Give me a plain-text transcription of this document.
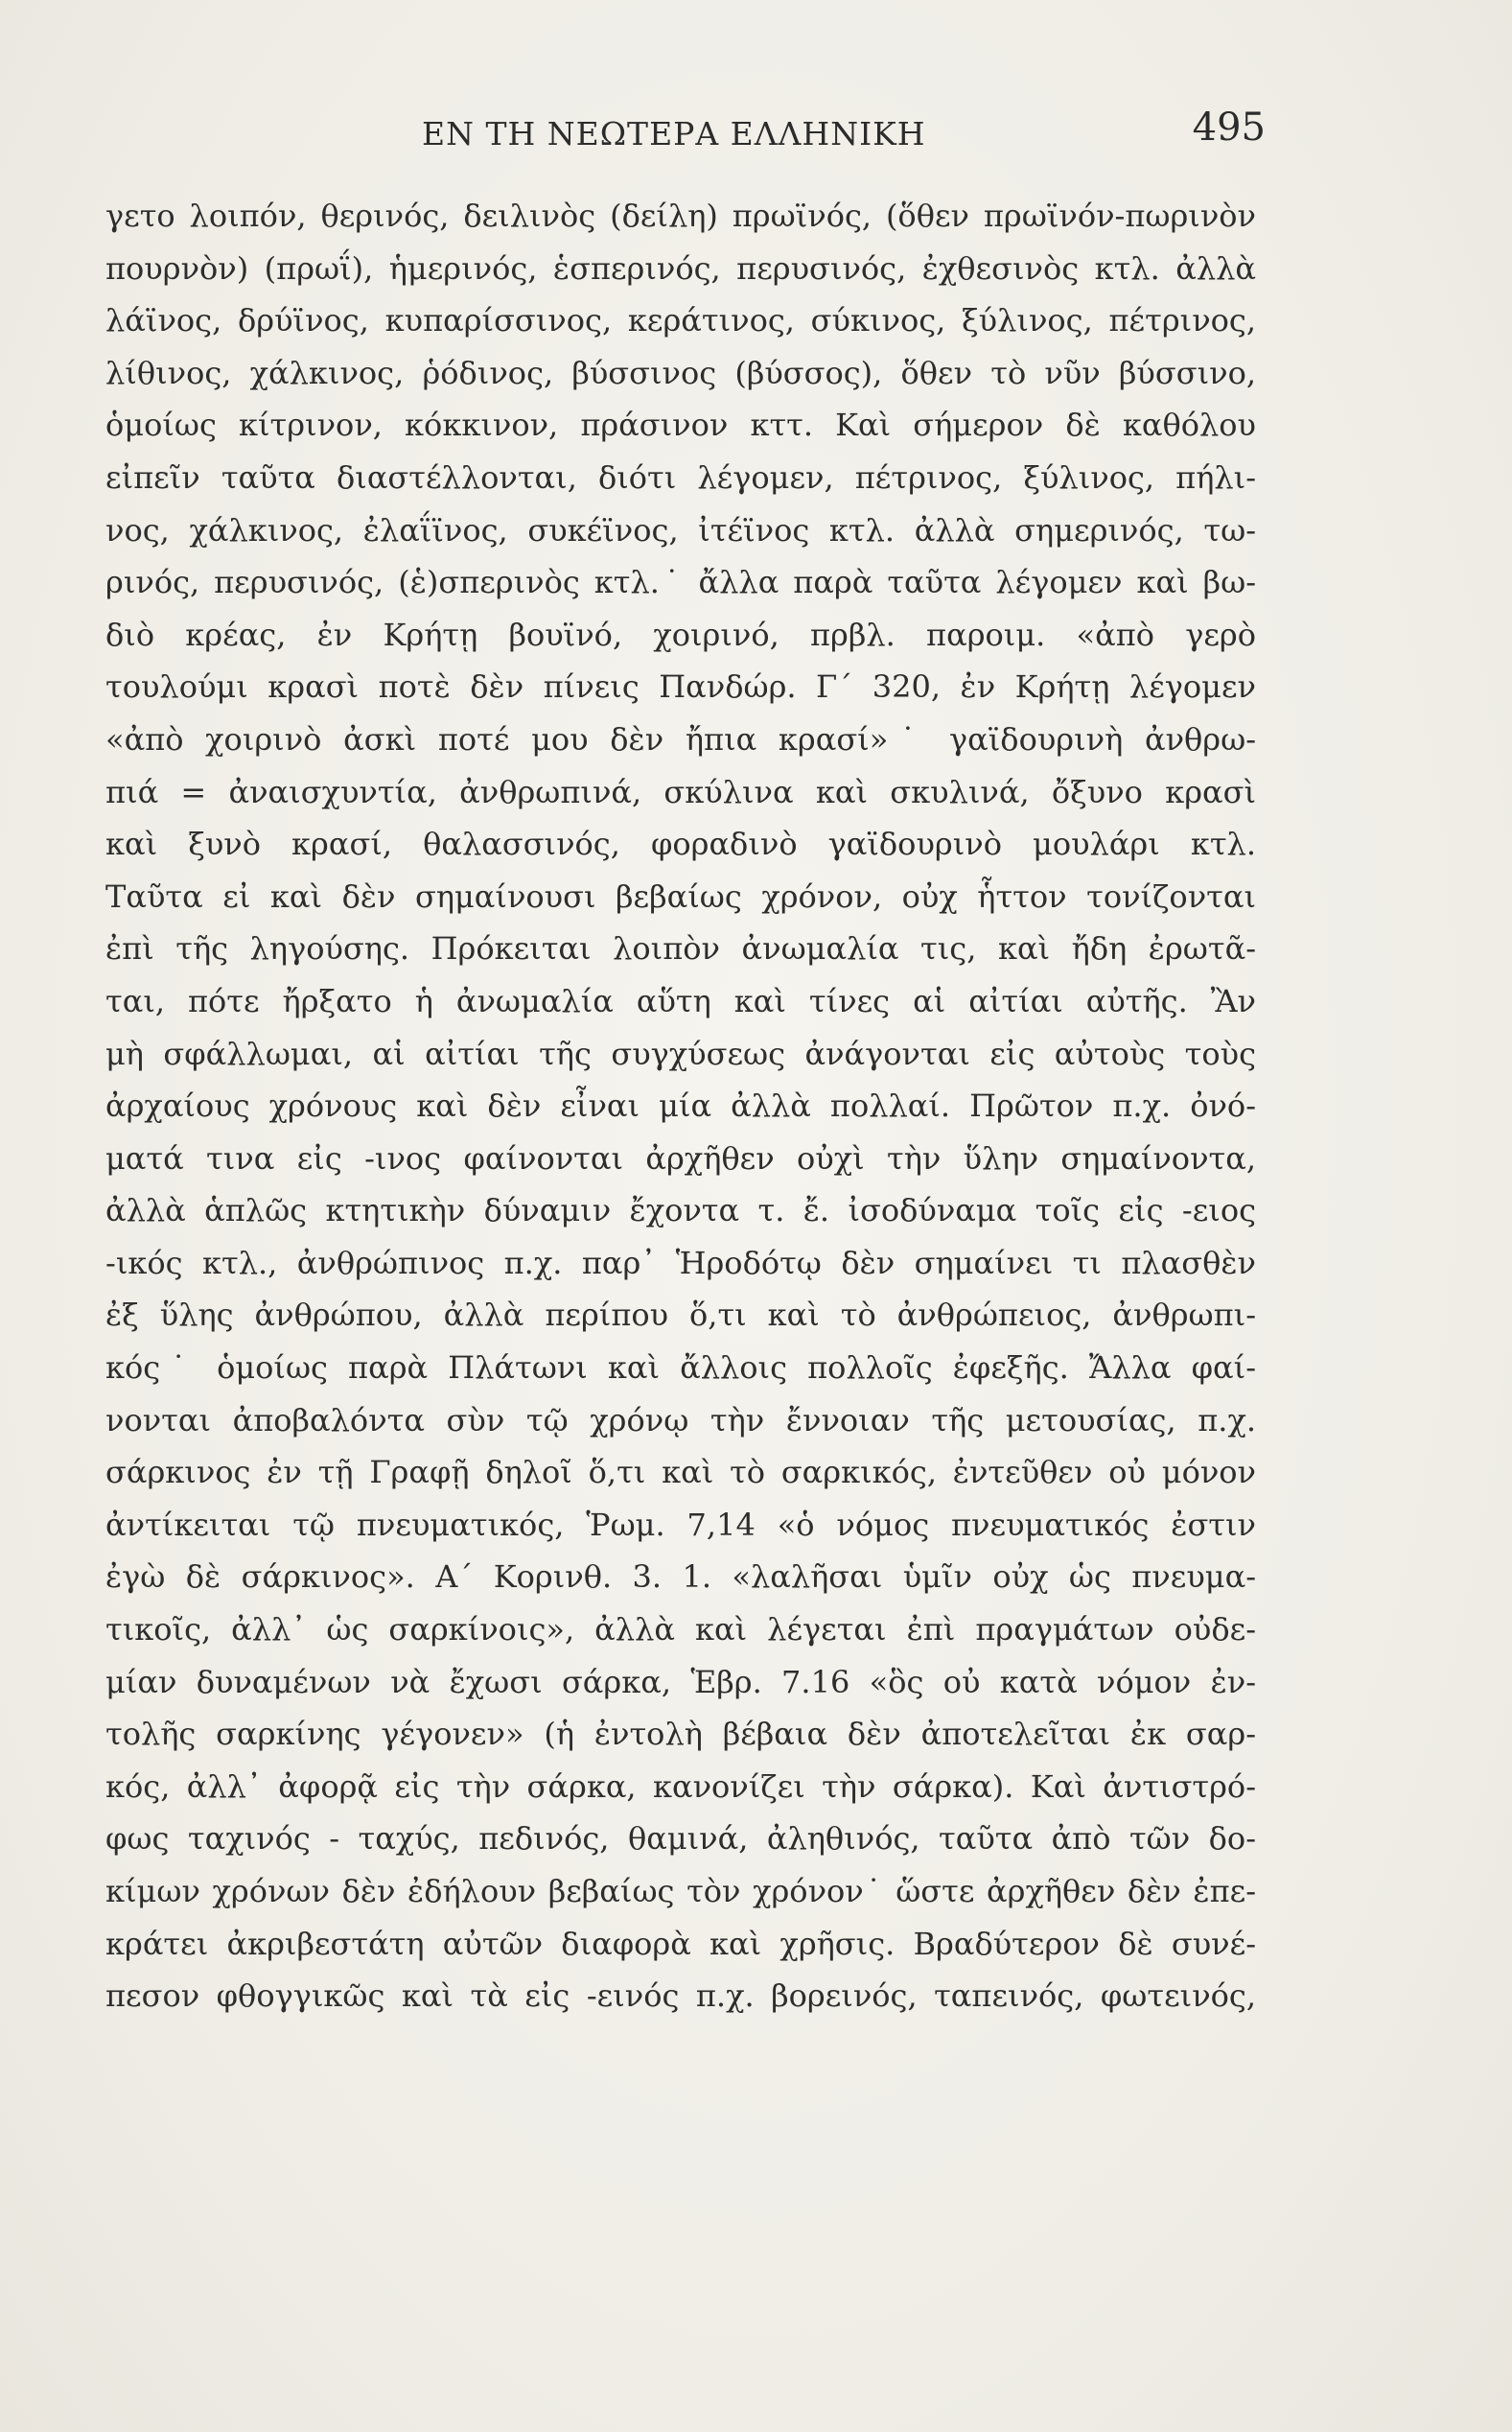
ΕΝ ΤΗ ΝΕΩΤΕΡΑ ΕΛΛΗΝΙΚΗ	495
γετο λοιπόν, θερινός, δειλινὸς (δείλη) πρωϊνός, (ὅθεν πρωϊνόν-πωρινὸν
πουρνὸν) (πρωΐ), ἡμερινός, ἑσπερινός, περυσινός, ἐχθεσινὸς κτλ. ἀλλὰ
λάϊνος, δρύϊνος, κυπαρίσσινος, κεράτινος, σύκινος, ξύλινος, πέτρινος,
λίθινος, χάλκινος, ῥόδινος, βύσσινος (βύσσος), ὅθεν τὸ νῦν βύσσινο,
ὁμοίως κίτρινον, κόκκινον, πράσινον κττ. Καὶ σήμερον δὲ καθόλου
εἰπεῖν ταῦτα διαστέλλονται, διότι λέγομεν, πέτρινος, ξύλινος, πήλι-
νος, χάλκινος, ἐλαΐϊνος, συκέϊνος, ἰτέϊνος κτλ. ἀλλὰ σημερινός, τω-
ρινός, περυσινός, (ἑ)σπερινὸς κτλ.˙ ἄλλα παρὰ ταῦτα λέγομεν καὶ βω-
διὸ κρέας, ἐν Κρήτῃ βουϊνό, χοιρινό, πρβλ. παροιμ. «ἀπὸ γερὸ
τουλούμι κρασὶ ποτὲ δὲν πίνεις Πανδώρ. Γ΄ 320, ἐν Κρήτῃ λέγομεν
«ἀπὸ χοιρινὸ ἀσκὶ ποτέ μου δὲν ἤπια κρασί»˙ γαϊδουρινὴ ἀνθρω-
πιά = ἀναισχυντία, ἀνθρωπινά, σκύλινα καὶ σκυλινά, ὄξυνο κρασὶ
καὶ ξυνὸ κρασί, θαλασσινός, φοραδινὸ γαϊδουρινὸ μουλάρι κτλ.
Ταῦτα εἰ καὶ δὲν σημαίνουσι βεβαίως χρόνον, οὐχ ἧττον τονίζονται
ἐπὶ τῆς ληγούσης. Πρόκειται λοιπὸν ἀνωμαλία τις, καὶ ἤδη ἐρωτᾶ-
ται, πότε ἤρξατο ἡ ἀνωμαλία αὕτη καὶ τίνες αἱ αἰτίαι αὐτῆς. Ἂν
μὴ σφάλλωμαι, αἱ αἰτίαι τῆς συγχύσεως ἀνάγονται εἰς αὐτοὺς τοὺς
ἀρχαίους χρόνους καὶ δὲν εἶναι μία ἀλλὰ πολλαί. Πρῶτον π.χ. ὀνό-
ματά τινα εἰς -ινος φαίνονται ἀρχῆθεν οὐχὶ τὴν ὕλην σημαίνοντα,
ἀλλὰ ἁπλῶς κτητικὴν δύναμιν ἔχοντα τ. ἔ. ἰσοδύναμα τοῖς εἰς -ειος
-ικός κτλ., ἀνθρώπινος π.χ. παρ᾽ Ἡροδότῳ δὲν σημαίνει τι πλασθὲν
ἐξ ὕλης ἀνθρώπου, ἀλλὰ περίπου ὅ,τι καὶ τὸ ἀνθρώπειος, ἀνθρωπι-
κός˙ ὁμοίως παρὰ Πλάτωνι καὶ ἄλλοις πολλοῖς ἐφεξῆς. Ἄλλα φαί-
νονται ἀποβαλόντα σὺν τῷ χρόνῳ τὴν ἔννοιαν τῆς μετουσίας, π.χ.
σάρκινος ἐν τῇ Γραφῇ δηλοῖ ὅ,τι καὶ τὸ σαρκικός, ἐντεῦθεν οὐ μόνον
ἀντίκειται τῷ πνευματικός, Ῥωμ. 7,14 «ὁ νόμος πνευματικός ἐστιν
ἐγὼ δὲ σάρκινος». Α΄ Κορινθ. 3. 1. «λαλῆσαι ὑμῖν οὐχ ὡς πνευμα-
τικοῖς, ἀλλ᾽ ὡς σαρκίνοις», ἀλλὰ καὶ λέγεται ἐπὶ πραγμάτων οὐδε-
μίαν δυναμένων νὰ ἔχωσι σάρκα, Ἑβρ. 7.16 «ὃς οὐ κατὰ νόμον ἐν-
τολῆς σαρκίνης γέγονεν» (ἡ ἐντολὴ βέβαια δὲν ἀποτελεῖται ἐκ σαρ-
κός, ἀλλ᾽ ἀφορᾷ εἰς τὴν σάρκα, κανονίζει τὴν σάρκα). Καὶ ἀντιστρό-
φως ταχινός - ταχύς, πεδινός, θαμινά, ἀληθινός, ταῦτα ἀπὸ τῶν δο-
κίμων χρόνων δὲν ἐδήλουν βεβαίως τὸν χρόνον˙ ὥστε ἀρχῆθεν δὲν ἐπε-
κράτει ἀκριβεστάτη αὐτῶν διαφορὰ καὶ χρῆσις. Βραδύτερον δὲ συνέ-
πεσον φθογγικῶς καὶ τὰ εἰς -εινός π.χ. βορεινός, ταπεινός, φωτεινός,
